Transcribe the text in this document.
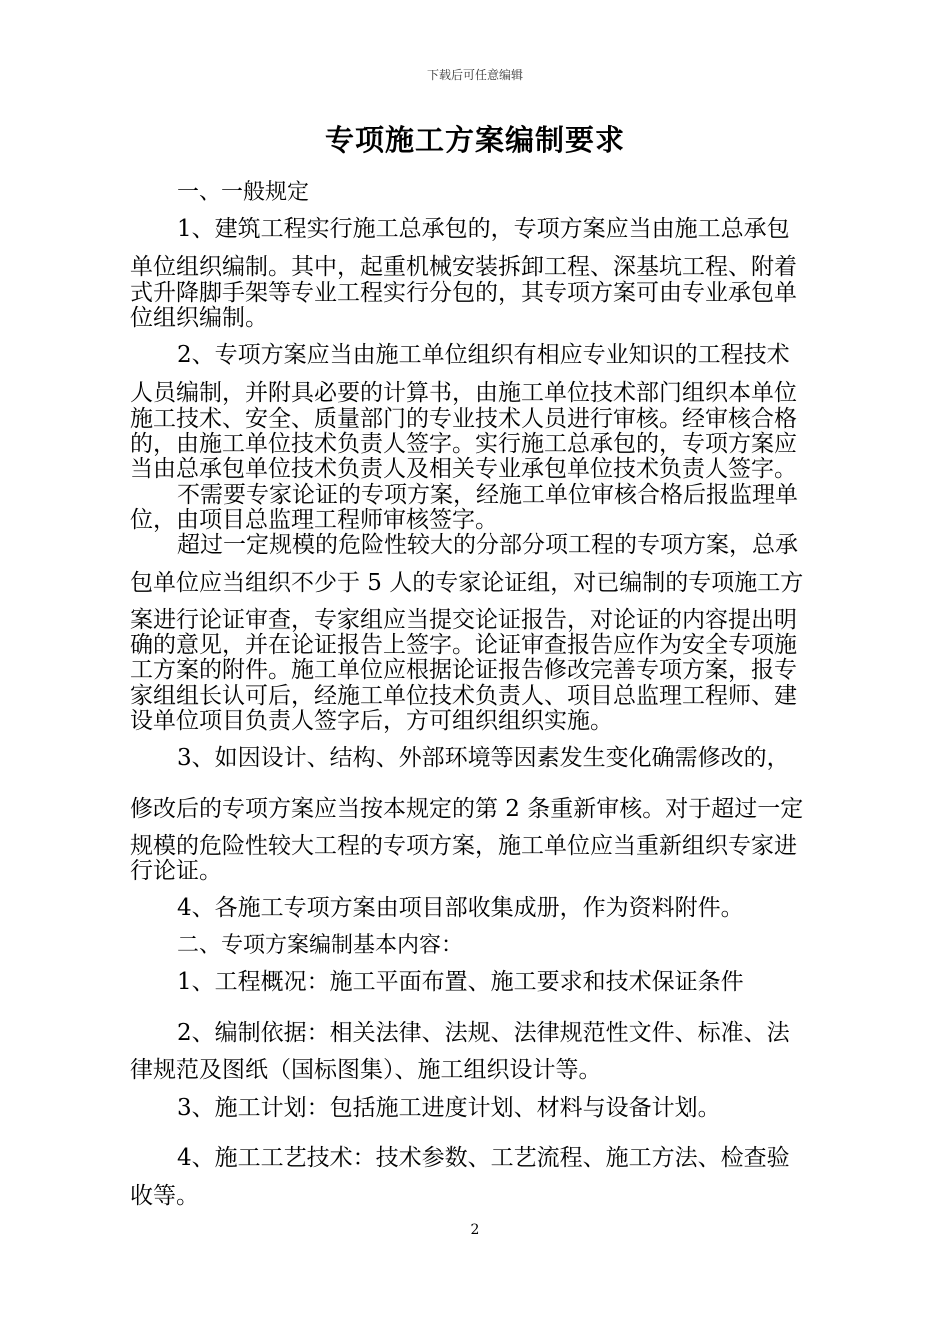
下载后可任意编辑
专项施工方案编制要求
一、一般规定
1、建筑工程实行施工总承包的，专项方案应当由施工总承包
单位组织编制。其中，起重机械安装拆卸工程、深基坑工程、附着
式升降脚手架等专业工程实行分包的，其专项方案可由专业承包单
位组织编制。
2、专项方案应当由施工单位组织有相应专业知识的工程技术
人员编制，并附具必要的计算书，由施工单位技术部门组织本单位
施工技术、安全、质量部门的专业技术人员进行审核。经审核合格
的，由施工单位技术负责人签字。实行施工总承包的，专项方案应
当由总承包单位技术负责人及相关专业承包单位技术负责人签字。
不需要专家论证的专项方案，经施工单位审核合格后报监理单
位，由项目总监理工程师审核签字。
超过一定规模的危险性较大的分部分项工程的专项方案，总承
包单位应当组织不少于 5 人的专家论证组，对已编制的专项施工方
案进行论证审查，专家组应当提交论证报告，对论证的内容提出明
确的意见，并在论证报告上签字。论证审查报告应作为安全专项施
工方案的附件。施工单位应根据论证报告修改完善专项方案，报专
家组组长认可后，经施工单位技术负责人、项目总监理工程师、建
设单位项目负责人签字后，方可组织组织实施。
3、如因设计、结构、外部环境等因素发生变化确需修改的，
修改后的专项方案应当按本规定的第 2 条重新审核。对于超过一定
规模的危险性较大工程的专项方案，施工单位应当重新组织专家进
行论证。
4、各施工专项方案由项目部收集成册，作为资料附件。
二、专项方案编制基本内容：
1、工程概况：施工平面布置、施工要求和技术保证条件
2、编制依据：相关法律、法规、法律规范性文件、标准、法
律规范及图纸（国标图集）、施工组织设计等。
3、施工计划：包括施工进度计划、材料与设备计划。
4、施工工艺技术：技术参数、工艺流程、施工方法、检查验
收等。
2
